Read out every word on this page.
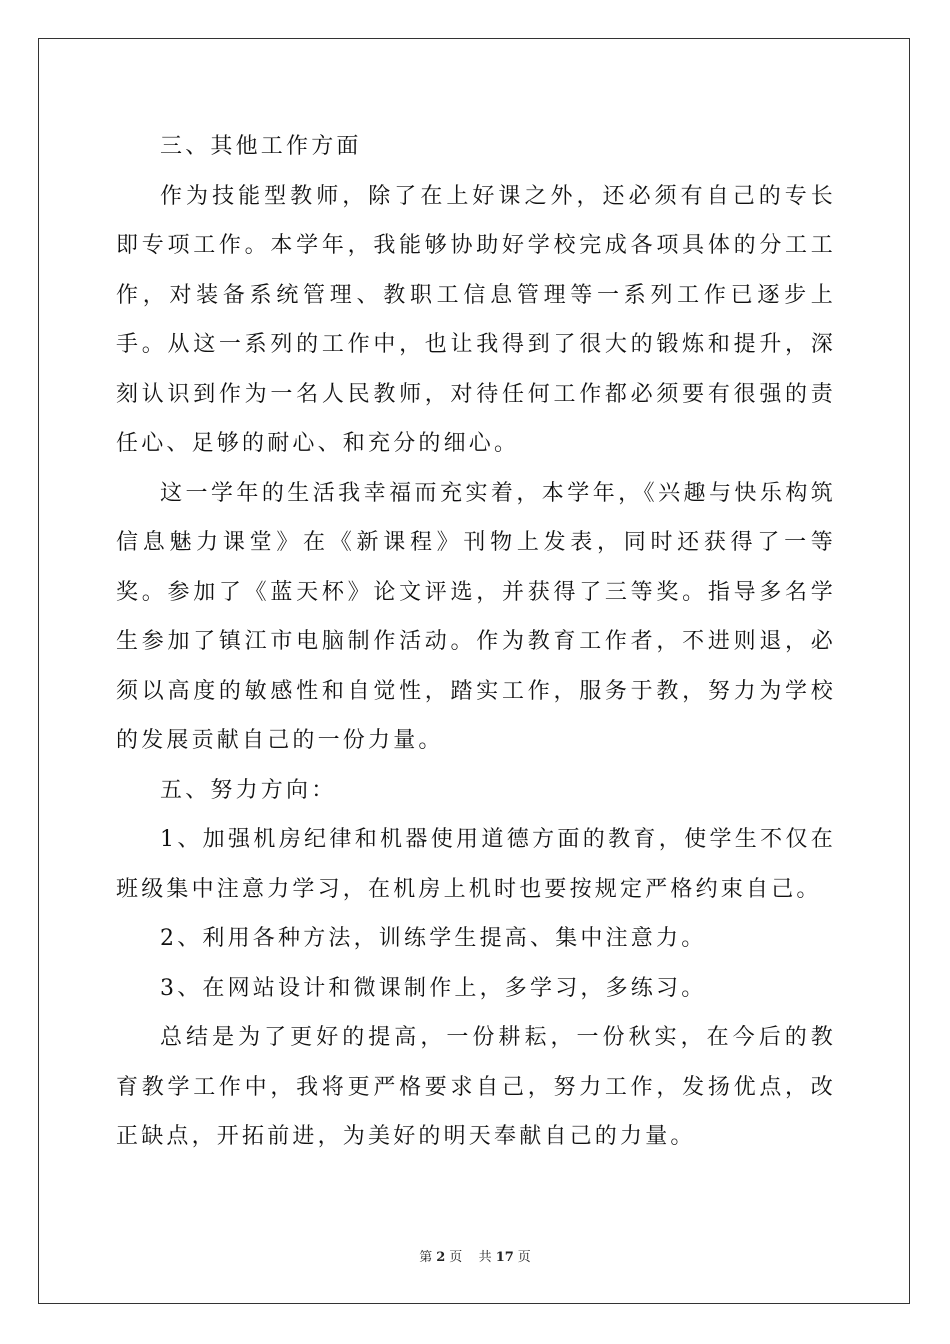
三、其他工作方面

作为技能型教师，除了在上好课之外，还必须有自己的专长即专项工作。本学年，我能够协助好学校完成各项具体的分工工作，对装备系统管理、教职工信息管理等一系列工作已逐步上手。从这一系列的工作中，也让我得到了很大的锻炼和提升，深刻认识到作为一名人民教师，对待任何工作都必须要有很强的责任心、足够的耐心、和充分的细心。

这一学年的生活我幸福而充实着，本学年，《兴趣与快乐构筑信息魅力课堂》在《新课程》刊物上发表，同时还获得了一等奖。参加了《蓝天杯》论文评选，并获得了三等奖。指导多名学生参加了镇江市电脑制作活动。作为教育工作者，不进则退，必须以高度的敏感性和自觉性，踏实工作，服务于教，努力为学校的发展贡献自己的一份力量。

五、努力方向：

1、加强机房纪律和机器使用道德方面的教育，使学生不仅在班级集中注意力学习，在机房上机时也要按规定严格约束自己。

2、利用各种方法，训练学生提高、集中注意力。

3、在网站设计和微课制作上，多学习，多练习。

总结是为了更好的提高，一份耕耘，一份秋实，在今后的教育教学工作中，我将更严格要求自己，努力工作，发扬优点，改正缺点，开拓前进，为美好的明天奉献自己的力量。

第 2 页 共 17 页
